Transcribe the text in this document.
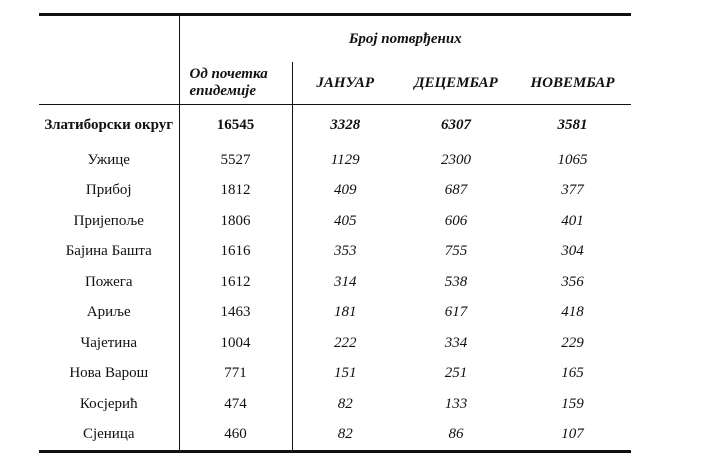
	Број потврђених			
	Од почетка епидемије	ЈАНУАР	ДЕЦЕМБАР	НОВЕМБАР
Златиборски округ	16545	3328	6307	3581
Ужице	5527	1129	2300	1065
Прибој	1812	409	687	377
Пријепоље	1806	405	606	401
Бајина Башта	1616	353	755	304
Пожега	1612	314	538	356
Ариље	1463	181	617	418
Чајетина	1004	222	334	229
Нова Варош	771	151	251	165
Косјерић	474	82	133	159
Сјеница	460	82	86	107
